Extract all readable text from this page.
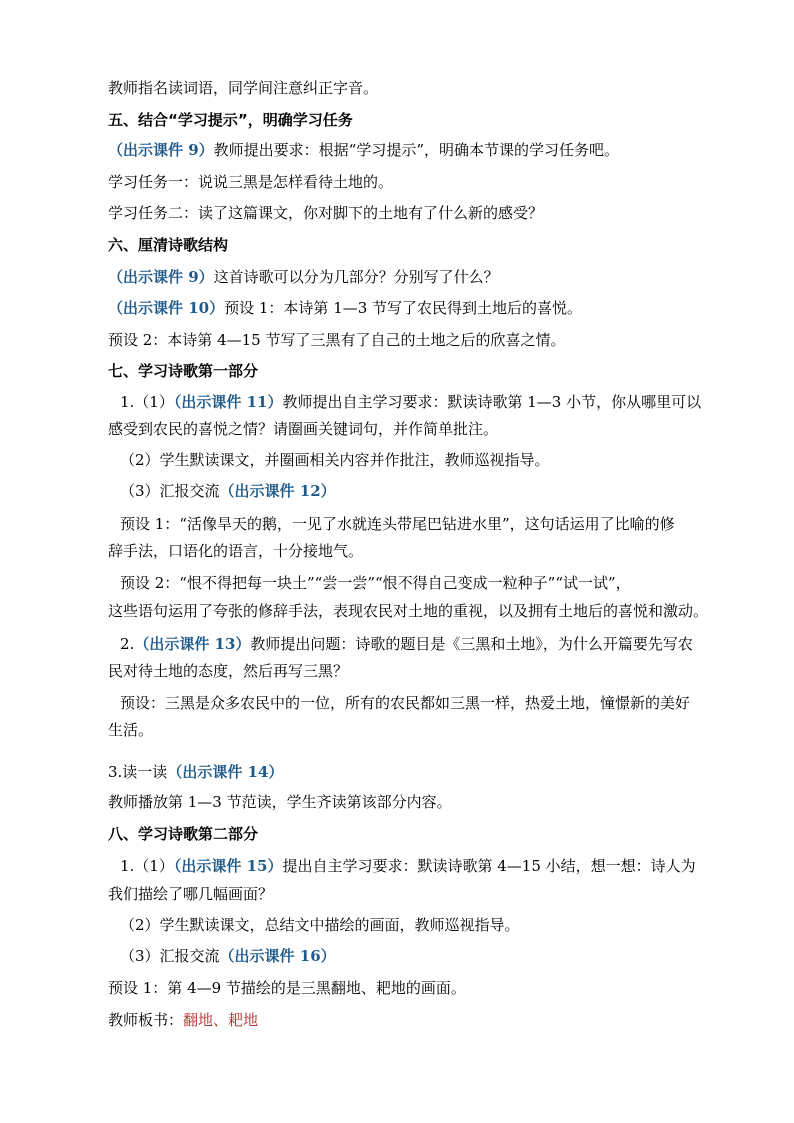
教师指名读词语，同学间注意纠正字音。
五、结合“学习提示”，明确学习任务
（出示课件 9）教师提出要求：根据“学习提示”，明确本节课的学习任务吧。
学习任务一：说说三黑是怎样看待土地的。
学习任务二：读了这篇课文，你对脚下的土地有了什么新的感受？
六、厘清诗歌结构
（出示课件 9）这首诗歌可以分为几部分？分别写了什么？
（出示课件 10）预设 1：本诗第 1—3 节写了农民得到土地后的喜悦。
预设 2：本诗第 4—15 节写了三黑有了自己的土地之后的欣喜之情。
七、学习诗歌第一部分
1.（1）（出示课件 11）教师提出自主学习要求：默读诗歌第 1—3 小节，你从哪里可以
感受到农民的喜悦之情？请圈画关键词句，并作简单批注。
（2）学生默读课文，并圈画相关内容并作批注，教师巡视指导。
（3）汇报交流（出示课件 12）
预设 1：“活像旱天的鹅，一见了水就连头带尾巴钻进水里”，这句话运用了比喻的修
辞手法，口语化的语言，十分接地气。
预设 2：“恨不得把每一块土”“尝一尝”“恨不得自己变成一粒种子”“试一试”，
这些语句运用了夸张的修辞手法，表现农民对土地的重视，以及拥有土地后的喜悦和激动。
2.（出示课件 13）教师提出问题：诗歌的题目是《三黑和土地》，为什么开篇要先写农
民对待土地的态度，然后再写三黑？
预设：三黑是众多农民中的一位，所有的农民都如三黑一样，热爱土地，憧憬新的美好
生活。
3.读一读（出示课件 14）
教师播放第 1—3 节范读，学生齐读第该部分内容。
八、学习诗歌第二部分
1.（1）（出示课件 15）提出自主学习要求：默读诗歌第 4—15 小结，想一想：诗人为
我们描绘了哪几幅画面？
（2）学生默读课文，总结文中描绘的画面，教师巡视指导。
（3）汇报交流（出示课件 16）
预设 1：第 4—9 节描绘的是三黑翻地、耙地的画面。
教师板书：翻地、耙地
